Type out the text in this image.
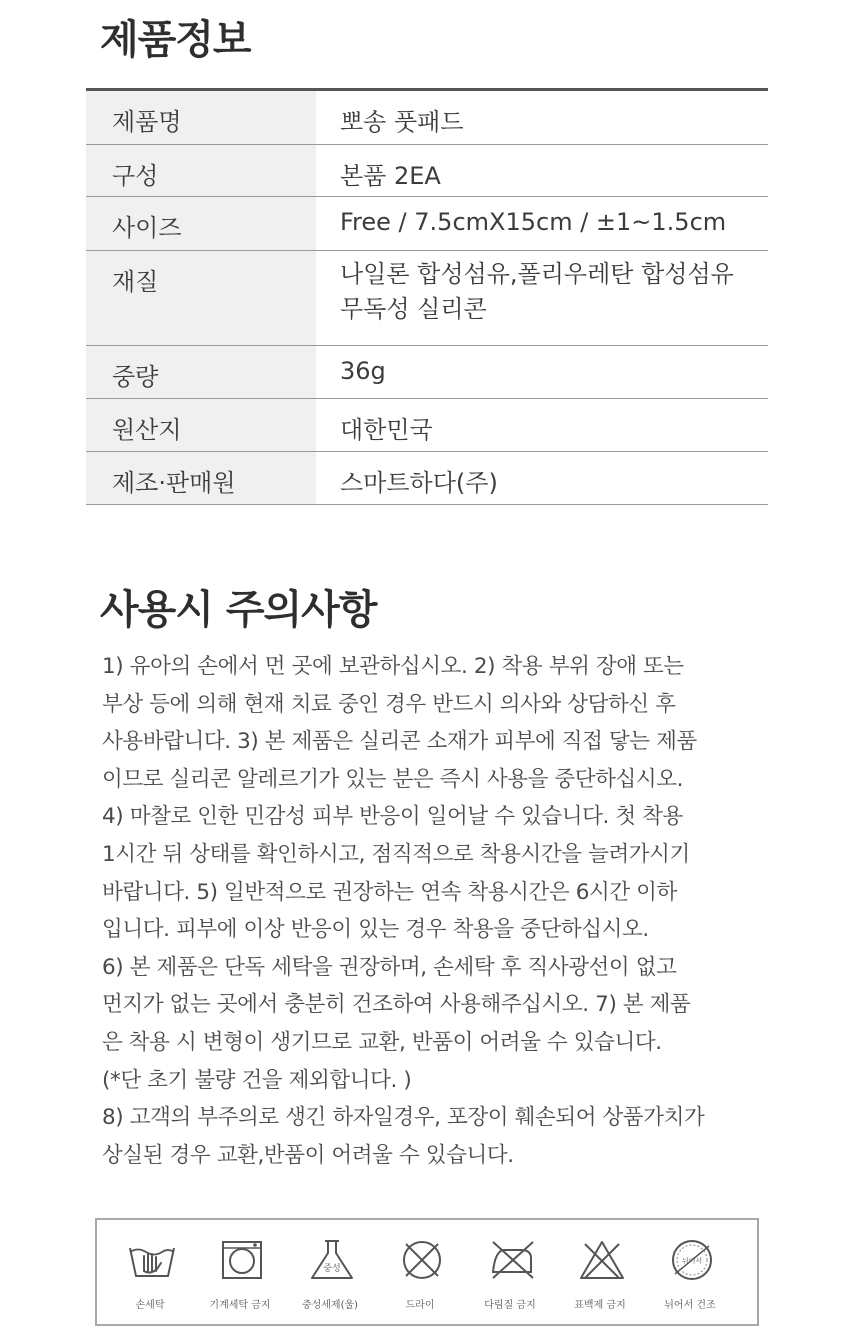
제품정보
제품명	뽀송 풋패드

구성	본품 2EA

사이즈	Free / 7.5cmX15cm / ±1~1.5cm

재질	나일론 합성섬유,폴리우레탄 합성섬유
무독성 실리콘

중량	36g

원산지	대한민국

제조·판매원	스마트하다(주)
사용시 주의사항

1) 유아의 손에서 먼 곳에 보관하십시오. 2) 착용 부위 장애 또는
부상 등에 의해 현재 치료 중인 경우 반드시 의사와 상담하신 후
사용바랍니다. 3) 본 제품은 실리콘 소재가 피부에 직접 닿는 제품
이므로 실리콘 알레르기가 있는 분은 즉시 사용을 중단하십시오.
4) 마찰로 인한 민감성 피부 반응이 일어날 수 있습니다. 첫 착용
1시간 뒤 상태를 확인하시고, 점직적으로 착용시간을 늘려가시기
바랍니다. 5) 일반적으로 권장하는 연속 착용시간은 6시간 이하
입니다. 피부에 이상 반응이 있는 경우 착용을 중단하십시오.
6) 본 제품은 단독 세탁을 권장하며, 손세탁 후 직사광선이 없고
먼지가 없는 곳에서 충분히 건조하여 사용해주십시오. 7) 본 제품
은 착용 시 변형이 생기므로 교환, 반품이 어려울 수 있습니다.
(*단 초기 불량 건을 제외합니다. )
8) 고객의 부주의로 생긴 하자일경우, 포장이 훼손되어 상품가치가
상실된 경우 교환,반품이 어려울 수 있습니다.

손세탁	기계세탁 금지
중성
중성세제(울)	드라이	다림질 금지	표백제 금지
뉘어서
뉘어서 건조
